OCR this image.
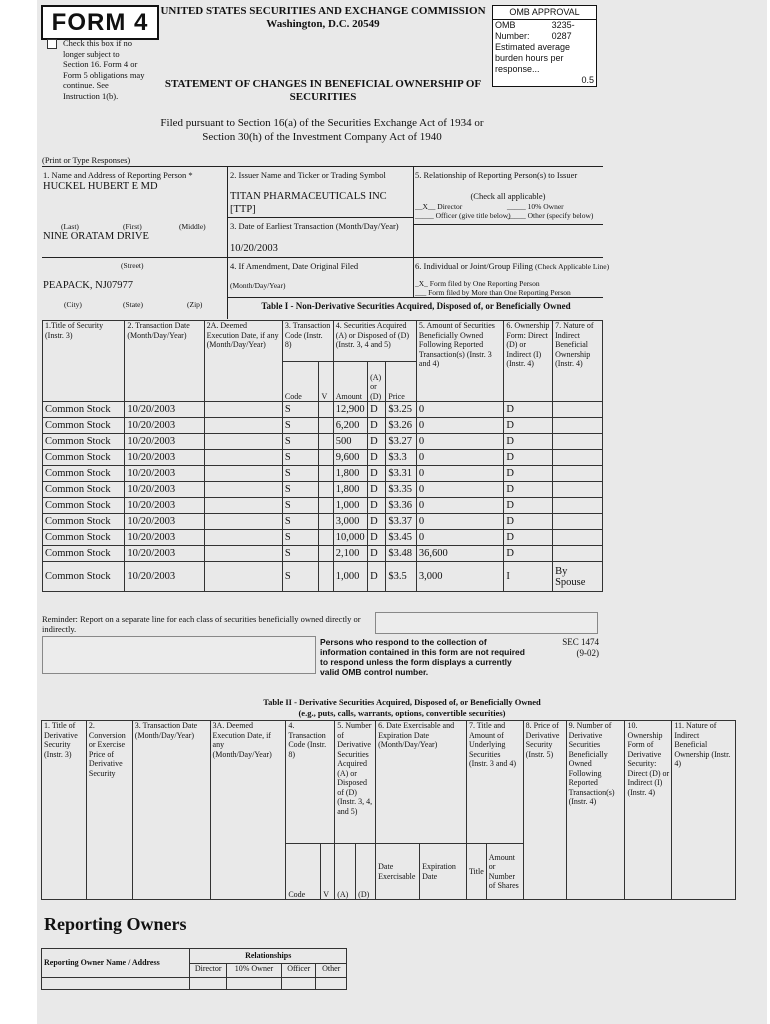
FORM 4
Check this box if no longer subject to Section 16. Form 4 or Form 5 obligations may continue. See Instruction 1(b).
UNITED STATES SECURITIES AND EXCHANGE COMMISSION
Washington, D.C. 20549
STATEMENT OF CHANGES IN BENEFICIAL OWNERSHIP OF
SECURITIES
Filed pursuant to Section 16(a) of the Securities Exchange Act of 1934 or
Section 30(h) of the Investment Company Act of 1940
OMB APPROVAL
OMB Number:
3235-0287
Estimated average burden hours per response...
0.5
(Print or Type Responses)
1. Name and Address of Reporting Person *
HUCKEL HUBERT E MD
(Last)	(First)	(Middle)
NINE ORATAM DRIVE
(Street)
PEAPACK, NJ07977
(City)	(State)	(Zip)
2. Issuer Name and Ticker or Trading Symbol
TITAN PHARMACEUTICALS INC
[TTP]
3. Date of Earliest Transaction (Month/Day/Year)
10/20/2003
4. If Amendment, Date Original Filed
(Month/Day/Year)
5. Relationship of Reporting Person(s) to Issuer
(Check all applicable)
__X__ Director	_____ 10% Owner
_____ Officer (give title below)
_____ Other (specify below)
6. Individual or Joint/Group Filing (Check Applicable Line)
_X_ Form filed by One Reporting Person
___ Form filed by More than One Reporting Person
Table I - Non-Derivative Securities Acquired, Disposed of, or Beneficially Owned
1.Title of Security (Instr. 3)	2. Transaction Date (Month/Day/Year)	2A. Deemed Execution Date, if any (Month/Day/Year)	3. Transaction Code (Instr. 8)		4. Securities Acquired (A) or Disposed of (D) (Instr. 3, 4 and 5)			5. Amount of Securities Beneficially Owned Following Reported Transaction(s) (Instr. 3 and 4)	6. Ownership Form: Direct (D) or Indirect (I) (Instr. 4)	7. Nature of Indirect Beneficial Ownership (Instr. 4)
			Code	V	Amount	(A) or (D)	Price			
Common Stock	10/20/2003		S		12,900	D	$3.25	0	D	
Common Stock	10/20/2003		S		6,200	D	$3.26	0	D	
Common Stock	10/20/2003		S		500	D	$3.27	0	D	
Common Stock	10/20/2003		S		9,600	D	$3.3	0	D	
Common Stock	10/20/2003		S		1,800	D	$3.31	0	D	
Common Stock	10/20/2003		S		1,800	D	$3.35	0	D	
Common Stock	10/20/2003		S		1,000	D	$3.36	0	D	
Common Stock	10/20/2003		S		3,000	D	$3.37	0	D	
Common Stock	10/20/2003		S		10,000	D	$3.45	0	D	
Common Stock	10/20/2003		S		2,100	D	$3.48	36,600	D	
Common Stock	10/20/2003		S		1,000	D	$3.5	3,000	I	By Spouse
Reminder: Report on a separate line for each class of securities beneficially owned directly or indirectly.
Persons who respond to the collection of information contained in this form are not required to respond unless the form displays a currently valid OMB control number.
SEC 1474
(9-02)
Table II - Derivative Securities Acquired, Disposed of, or Beneficially Owned
(e.g., puts, calls, warrants, options, convertible securities)
1. Title of Derivative Security (Instr. 3)	2. Conversion or Exercise Price of Derivative Security	3. Transaction Date (Month/Day/Year)	3A. Deemed Execution Date, if any (Month/Day/Year)	4. Transaction Code (Instr. 8)		5. Number of Derivative Securities Acquired (A) or Disposed of (D) (Instr. 3, 4, and 5)		6. Date Exercisable and Expiration Date (Month/Day/Year)		7. Title and Amount of Underlying Securities (Instr. 3 and 4)		8. Price of Derivative Security (Instr. 5)	9. Number of Derivative Securities Beneficially Owned Following Reported Transaction(s) (Instr. 4)	10. Ownership Form of Derivative Security: Direct (D) or Indirect (I) (Instr. 4)	11. Nature of Indirect Beneficial Ownership (Instr. 4)
				Code	V	(A)	(D)	Date Exercisable	Expiration Date	Title	Amount or Number of Shares				
Reporting Owners
Reporting Owner Name / Address	Relationships			
	Director	10% Owner	Officer	Other
